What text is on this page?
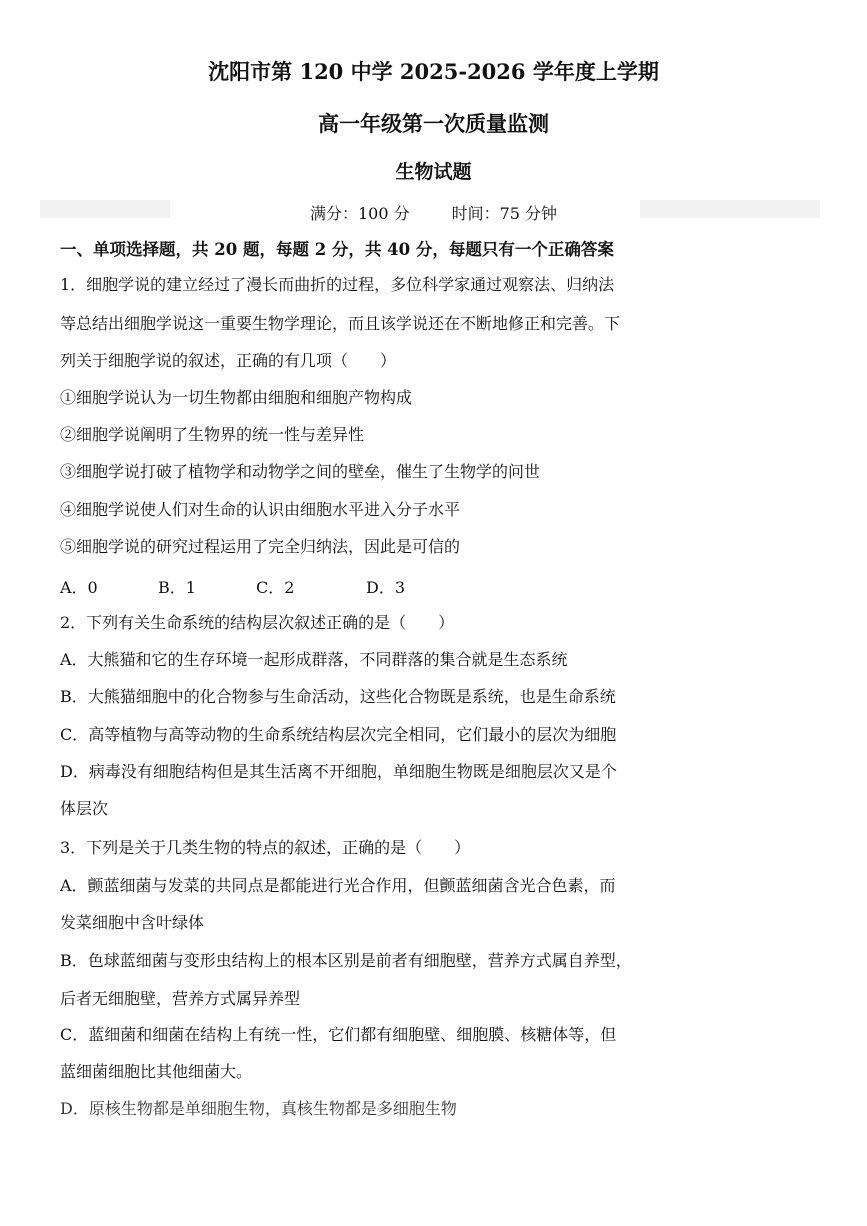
沈阳市第 120 中学 2025-2026 学年度上学期
高一年级第一次质量监测
生物试题
满分：100 分	时间：75 分钟
一、单项选择题，共 20 题，每题 2 分，共 40 分，每题只有一个正确答案
1．细胞学说的建立经过了漫长而曲折的过程，多位科学家通过观察法、归纳法
等总结出细胞学说这一重要生物学理论，而且该学说还在不断地修正和完善。下
列关于细胞学说的叙述，正确的有几项（　　）
①细胞学说认为一切生物都由细胞和细胞产物构成
②细胞学说阐明了生物界的统一性与差异性
③细胞学说打破了植物学和动物学之间的壁垒，催生了生物学的问世
④细胞学说使人们对生命的认识由细胞水平进入分子水平
⑤细胞学说的研究过程运用了完全归纳法，因此是可信的
A．0	B．1	C．2	D．3
2．下列有关生命系统的结构层次叙述正确的是（　　）
A．大熊猫和它的生存环境一起形成群落，不同群落的集合就是生态系统
B．大熊猫细胞中的化合物参与生命活动，这些化合物既是系统，也是生命系统
C．高等植物与高等动物的生命系统结构层次完全相同，它们最小的层次为细胞
D．病毒没有细胞结构但是其生活离不开细胞，单细胞生物既是细胞层次又是个
体层次
3．下列是关于几类生物的特点的叙述，正确的是（　　）
A．颤蓝细菌与发菜的共同点是都能进行光合作用，但颤蓝细菌含光合色素，而
发菜细胞中含叶绿体
B．色球蓝细菌与变形虫结构上的根本区别是前者有细胞壁，营养方式属自养型，
后者无细胞壁，营养方式属异养型
C．蓝细菌和细菌在结构上有统一性，它们都有细胞壁、细胞膜、核糖体等，但
蓝细菌细胞比其他细菌大。
D．原核生物都是单细胞生物，真核生物都是多细胞生物
